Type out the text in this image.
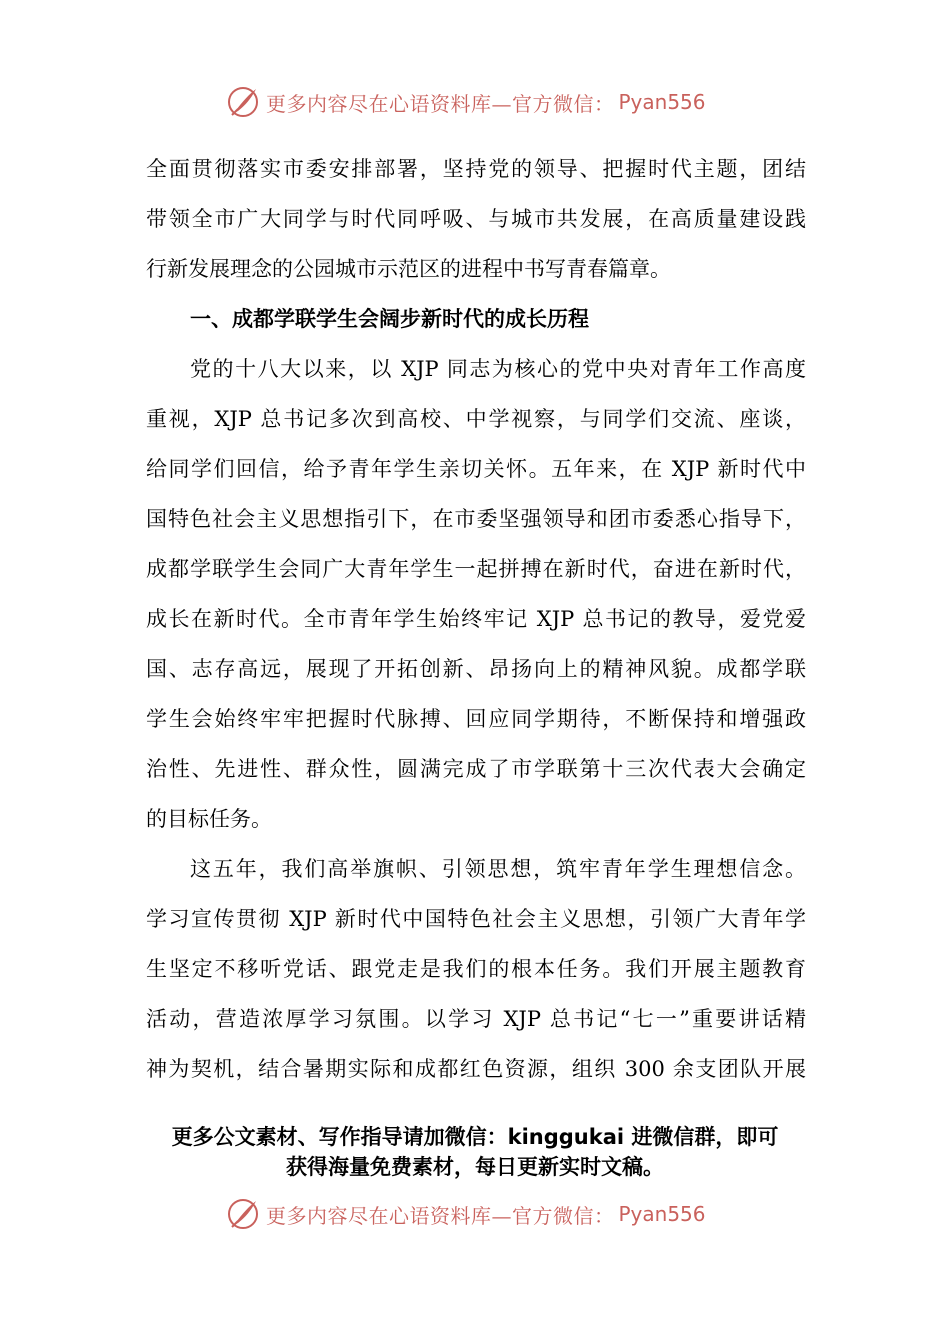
更多内容尽在心语资料库—官方微信： Pyan556
全面贯彻落实市委安排部署，坚持党的领导、把握时代主题，团结
带领全市广大同学与时代同呼吸、与城市共发展，在高质量建设践
行新发展理念的公园城市示范区的进程中书写青春篇章。
一、成都学联学生会阔步新时代的成长历程
党的十八大以来，以 XJP 同志为核心的党中央对青年工作高度
重视，XJP 总书记多次到高校、中学视察，与同学们交流、座谈，
给同学们回信，给予青年学生亲切关怀。五年来，在 XJP 新时代中
国特色社会主义思想指引下，在市委坚强领导和团市委悉心指导下，
成都学联学生会同广大青年学生一起拼搏在新时代，奋进在新时代，
成长在新时代。全市青年学生始终牢记 XJP 总书记的教导，爱党爱
国、志存高远，展现了开拓创新、昂扬向上的精神风貌。成都学联
学生会始终牢牢把握时代脉搏、回应同学期待，不断保持和增强政
治性、先进性、群众性，圆满完成了市学联第十三次代表大会确定
的目标任务。
这五年，我们高举旗帜、引领思想，筑牢青年学生理想信念。
学习宣传贯彻 XJP 新时代中国特色社会主义思想，引领广大青年学
生坚定不移听党话、跟党走是我们的根本任务。我们开展主题教育
活动，营造浓厚学习氛围。以学习 XJP 总书记“七一”重要讲话精
神为契机，结合暑期实际和成都红色资源，组织 300 余支团队开展
更多公文素材、写作指导请加微信：kinggukai 进微信群，即可
获得海量免费素材，每日更新实时文稿。
更多内容尽在心语资料库—官方微信： Pyan556
